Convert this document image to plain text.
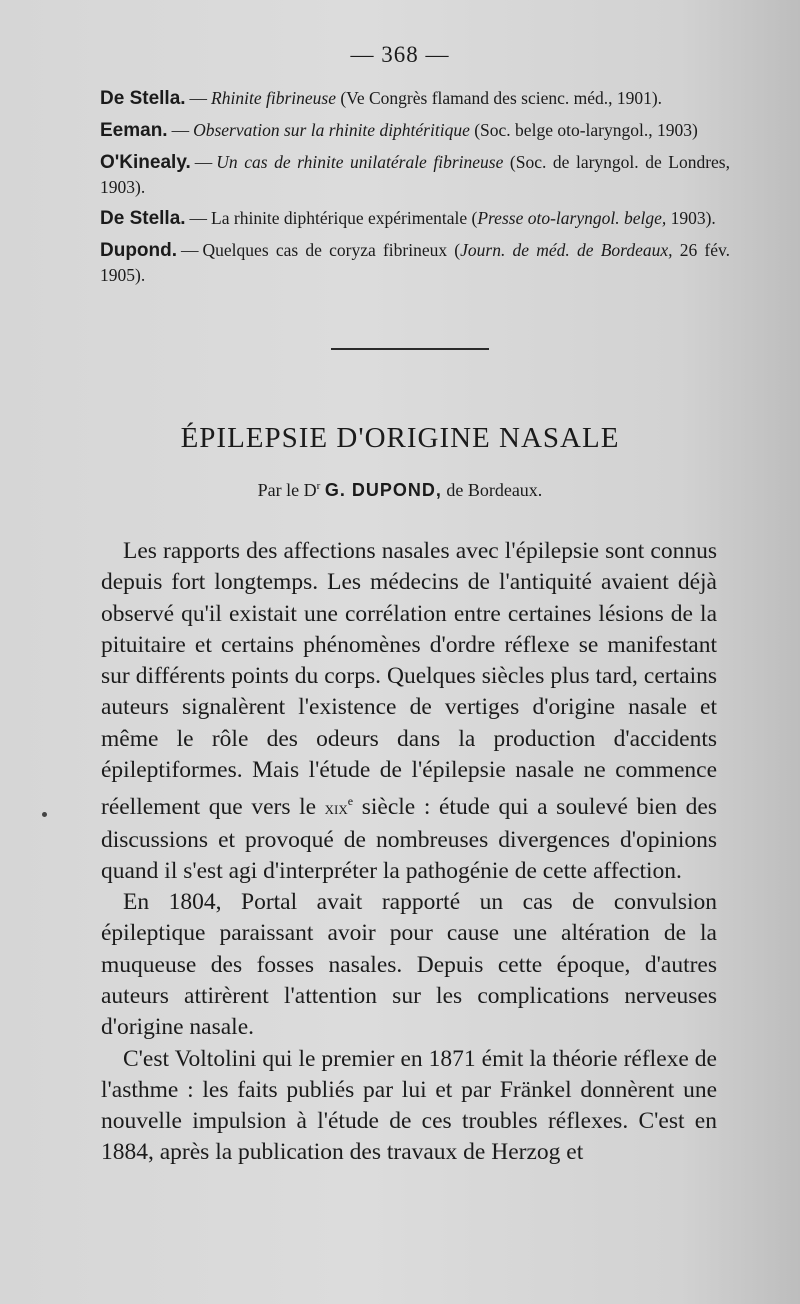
— 368 —

De Stella. — Rhinite fibrineuse (Ve Congrès flamand des scienc. méd., 1901).

Eeman. — Observation sur la rhinite diphtéritique (Soc. belge oto-laryngol., 1903)

O'Kinealy. — Un cas de rhinite unilatérale fibrineuse (Soc. de laryngol. de Londres, 1903).

De Stella. — La rhinite diphtérique expérimentale (Presse oto-laryngol. belge, 1903).

Dupond. — Quelques cas de coryza fibrineux (Journ. de méd. de Bordeaux, 26 fév. 1905).

ÉPILEPSIE D'ORIGINE NASALE
Par le $D^r$ G. DUPOND, de Bordeaux.

Les rapports des affections nasales avec l'épilepsie sont connus depuis fort longtemps. Les médecins de l'antiquité avaient déjà observé qu'il existait une corrélation entre certaines lésions de la pituitaire et certains phénomènes d'ordre réflexe se manifestant sur différents points du corps. Quelques siècles plus tard, certains auteurs signalèrent l'existence de vertiges d'origine nasale et même le rôle des odeurs dans la production d'accidents épileptiformes. Mais l'étude de l'épilepsie nasale ne commence réellement que vers le xix$^e$ siècle : étude qui a soulevé bien des discussions et provoqué de nombreuses divergences d'opinions quand il s'est agi d'interpréter la pathogénie de cette affection.

En 1804, Portal avait rapporté un cas de convulsion épileptique paraissant avoir pour cause une altération de la muqueuse des fosses nasales. Depuis cette époque, d'autres auteurs attirèrent l'attention sur les complications nerveuses d'origine nasale.

C'est Voltolini qui le premier en 1871 émit la théorie réflexe de l'asthme : les faits publiés par lui et par Fränkel donnèrent une nouvelle impulsion à l'étude de ces troubles réflexes. C'est en 1884, après la publication des travaux de Herzog et
